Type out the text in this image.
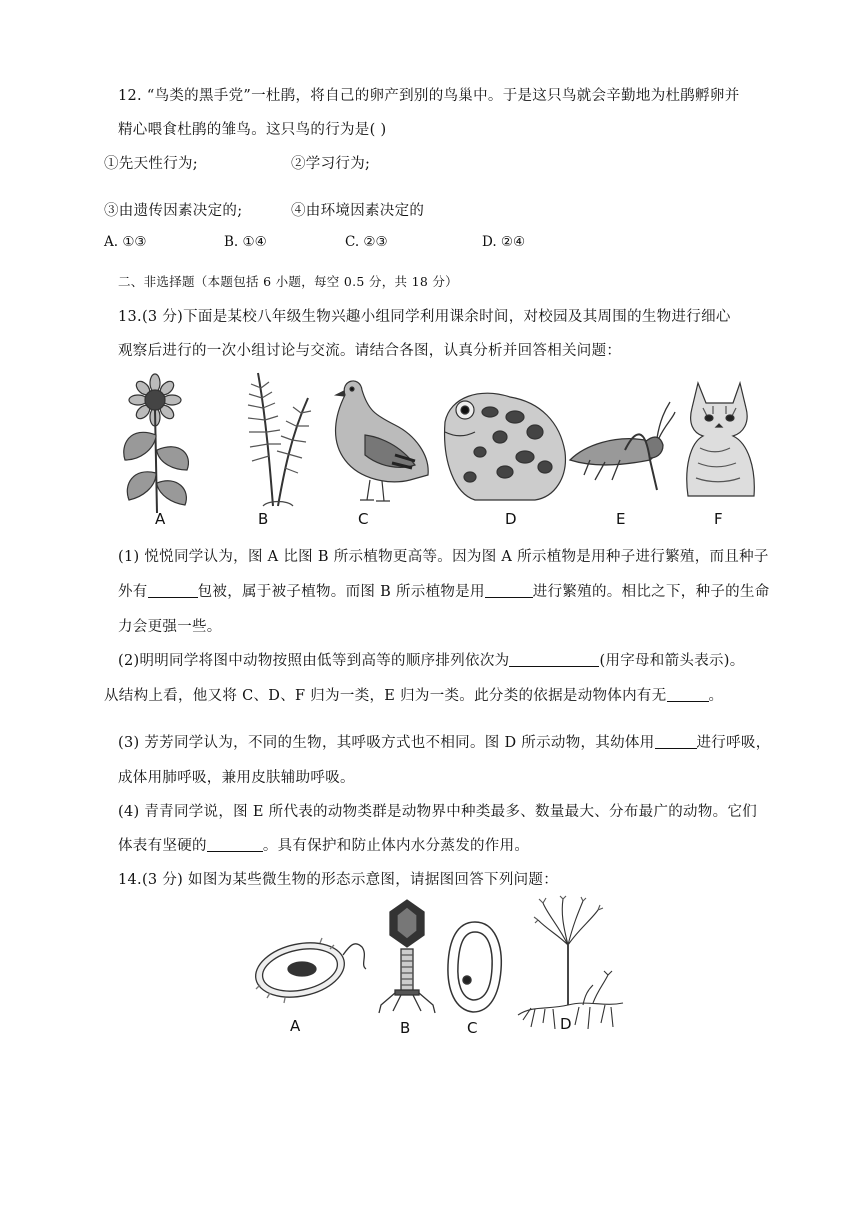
12. “鸟类的黑手党”一杜鹃，将自己的卵产到别的鸟巢中。于是这只鸟就会辛勤地为杜鹃孵卵并
精心喂食杜鹃的雏鸟。这只鸟的行为是( )
①先天性行为;	②学习行为;
③由遗传因素决定的;	④由环境因素决定的
A. ①③	B. ①④	C. ②③	D. ②④
二、非选择题（本题包括 6 小题，每空 0.5 分，共 18 分）
13.(3 分)下面是某校八年级生物兴趣小组同学利用课余时间，对校园及其周围的生物进行细心
观察后进行的一次小组讨论与交流。请结合各图，认真分析并回答相关问题：
A	B	C	D	E	F
(1) 悦悦同学认为，图 A 比图 B 所示植物更高等。因为图 A 所示植物是用种子进行繁殖，而且种子
外有	包被，属于被子植物。而图 B 所示植物是用	进行繁殖的。相比之下，种子的生命
力会更强一些。
(2)明明同学将图中动物按照由低等到高等的顺序排列依次为	(用字母和箭头表示)。
从结构上看，他又将 C、D、F 归为一类，E 归为一类。此分类的依据是动物体内有无	。
(3) 芳芳同学认为，不同的生物，其呼吸方式也不相同。图 D 所示动物，其幼体用	进行呼吸，
成体用肺呼吸，兼用皮肤辅助呼吸。
(4) 青青同学说，图 E 所代表的动物类群是动物界中种类最多、数量最大、分布最广的动物。它们
体表有坚硬的	。具有保护和防止体内水分蒸发的作用。
14.(3 分) 如图为某些微生物的形态示意图，请据图回答下列问题：
A	B	C	D
